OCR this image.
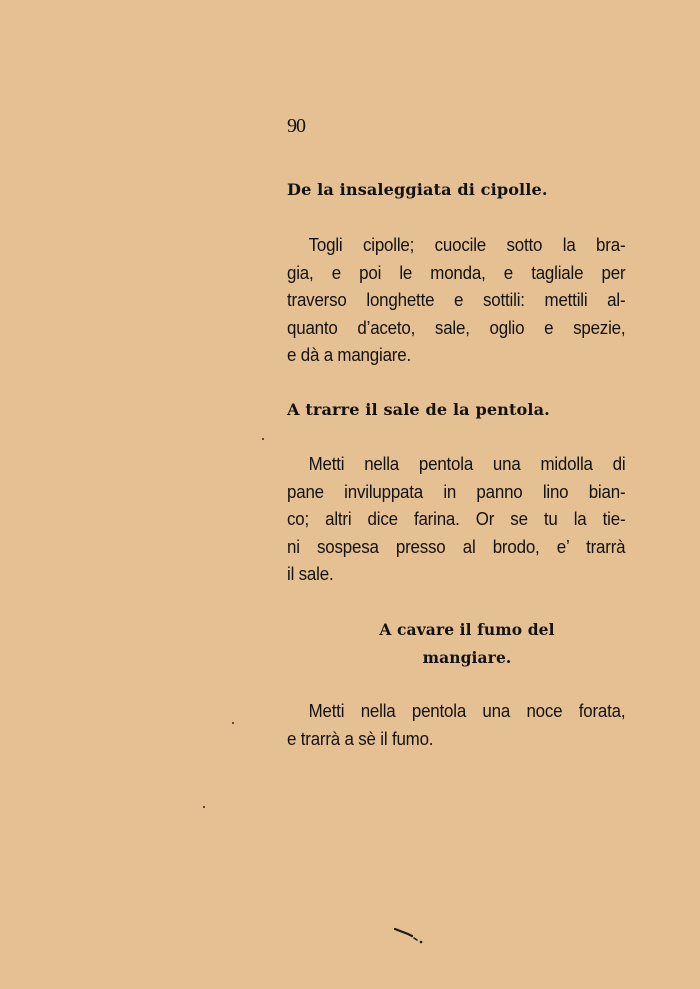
90
De la insaleggiata di cipolle.

Togli cipolle; cuocile sotto la bra-
gia, e poi le monda, e tagliale per
traverso longhette e sottili: mettili al-
quanto d’aceto, sale, oglio e spezie,
e dà a mangiare.

A trarre il sale de la pentola.

Metti nella pentola una midolla di
pane inviluppata in panno lino bian-
co; altri dice farina. Or se tu la tie-
ni sospesa presso al brodo, e’ trarrà
il sale.

A cavare il fumo del
mangiare.

Metti nella pentola una noce forata,
e trarrà a sè il fumo.
